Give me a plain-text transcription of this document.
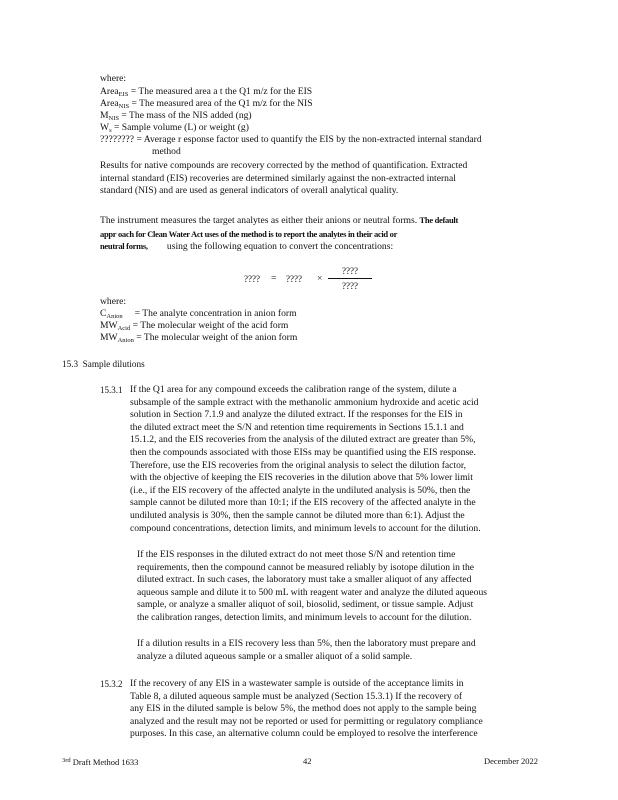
where:
Area$_{EIS}$ = The measured area a t the Q1 m/z for the EIS
Area$_{NIS}$ = The measured area of the Q1 m/z for the NIS
$M_{NIS}$ = The mass of the NIS added (ng)
$W_s$ = Sample volume (L) or weight (g)
???????? = Average r esponse factor used to quantify the EIS by the non-extracted internal standard
method
Results for native compounds are recovery corrected by the method of quantification. Extracted
internal standard (EIS) recoveries are determined similarly against the non-extracted internal
standard (NIS) and are used as general indicators of overall analytical quality.
The instrument measures the target analytes as either their anions or neutral forms. The default
appr oach for Clean Water Act uses of the method is to report the analytes in their acid or
neutral forms, using the following equation to convert the concentrations:
???? = ???? ×
????
????
where:
$C_{Anion}$ = The analyte concentration in anion form
$MW_{Acid}$ = The molecular weight of the acid form
$MW_{Anion}$ = The molecular weight of the anion form
15.3 Sample dilutions
15.3.1 If the Q1 area for any compound exceeds the calibration range of the system, dilute a
subsample of the sample extract with the methanolic ammonium hydroxide and acetic acid
solution in Section 7.1.9 and analyze the diluted extract. If the responses for the EIS in
the diluted extract meet the S/N and retention time requirements in Sections 15.1.1 and
15.1.2, and the EIS recoveries from the analysis of the diluted extract are greater than 5%,
then the compounds associated with those EISs may be quantified using the EIS response.
Therefore, use the EIS recoveries from the original analysis to select the dilution factor,
with the objective of keeping the EIS recoveries in the dilution above that 5% lower limit
(i.e., if the EIS recovery of the affected analyte in the undiluted analysis is 50%, then the
sample cannot be diluted more than 10:1; if the EIS recovery of the affected analyte in the
undiluted analysis is 30%, then the sample cannot be diluted more than 6:1). Adjust the
compound concentrations, detection limits, and minimum levels to account for the dilution.
If the EIS responses in the diluted extract do not meet those S/N and retention time
requirements, then the compound cannot be measured reliably by isotope dilution in the
diluted extract. In such cases, the laboratory must take a smaller aliquot of any affected
aqueous sample and dilute it to 500 mL with reagent water and analyze the diluted aqueous
sample, or analyze a smaller aliquot of soil, biosolid, sediment, or tissue sample. Adjust
the calibration ranges, detection limits, and minimum levels to account for the dilution.
If a dilution results in a EIS recovery less than 5%, then the laboratory must prepare and
analyze a diluted aqueous sample or a smaller aliquot of a solid sample.
15.3.2 If the recovery of any EIS in a wastewater sample is outside of the acceptance limits in
Table 8, a diluted aqueous sample must be analyzed (Section 15.3.1) If the recovery of
any EIS in the diluted sample is below 5%, the method does not apply to the sample being
analyzed and the result may not be reported or used for permitting or regulatory compliance
purposes. In this case, an alternative column could be employed to resolve the interference
$^{3rd}$ Draft Method 1633	42	December 2022
